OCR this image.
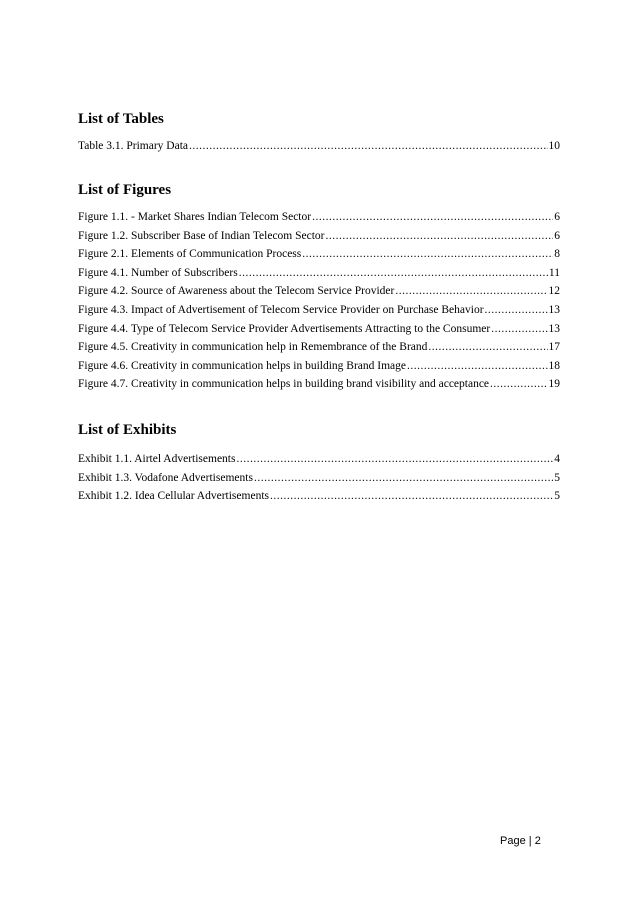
List of Tables
Table 3.1. Primary Data .....	10
List of Figures
Figure 1.1. - Market Shares Indian Telecom Sector .....	6
Figure 1.2. Subscriber Base of Indian Telecom Sector .....	6
Figure 2.1. Elements of Communication Process .....	8
Figure 4.1. Number of Subscribers .....	11
Figure 4.2. Source of Awareness about the Telecom Service Provider .....	12
Figure 4.3. Impact of Advertisement of Telecom Service Provider on Purchase Behavior .....	13
Figure 4.4. Type of Telecom Service Provider Advertisements Attracting to the Consumer .....	13
Figure 4.5. Creativity in communication help in Remembrance of the Brand .....	17
Figure 4.6. Creativity in communication helps in building Brand Image .....	18
Figure 4.7. Creativity in communication helps in building brand visibility and acceptance .....	19
List of Exhibits
Exhibit 1.1. Airtel Advertisements .....	4
Exhibit 1.3. Vodafone Advertisements .....	5
Exhibit 1.2. Idea Cellular Advertisements .....	5
Page | 2
